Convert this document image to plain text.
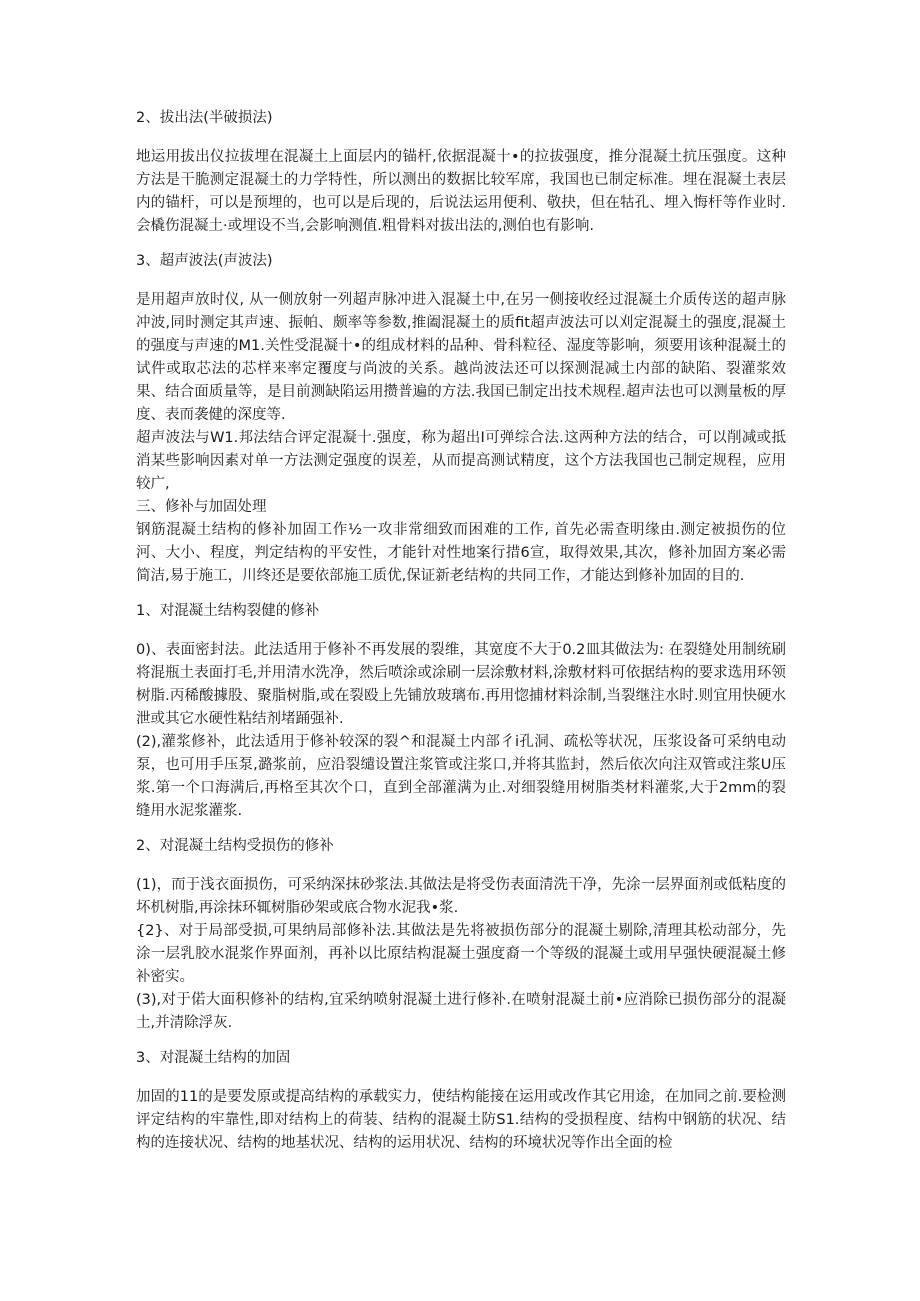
2、拔出法(半破损法)

地运用拔出仪拉拔埋在混凝土上面层内的锚杆,依据混凝十•的拉拔强度，推分混凝土抗压强度。这种方法是干脆测定混凝土的力学特性，所以测出的数据比较军席，我国也已制定标准。埋在混凝土表层内的锚杆，可以是预埋的，也可以是后现的，后说法运用便利、敬抉，但在牯孔、埋入悔杆等作业时.会橇伤混凝土·或埋设不当,会影响测值.粗骨料对拔出法的,测伯也有影响.

3、超声波法(声波法)

是用超声放时仪, 从一侧放射一列超声脉冲进入混凝土中,在另一侧接收经过混凝土介质传送的超声脉冲波,同时测定其声速、振帕、颇率等参数,推阖混凝土的质fit超声波法可以刈定混凝土的强度,混凝土的强度与声速的M1.关性受混凝十•的组成材料的品种、骨科粒径、湿度等影响，须要用该种混凝土的试件或取芯法的芯样来率定覆度与尚波的关系。越尚波法还可以探测混减土内部的缺陷、裂灌浆效果、结合面质量等，是目前测缺陷运用攒普遍的方法.我国已制定出技术规程.超声法也可以测量板的厚度、表而袭健的深度等.

超声波法与W1.邦法结合评定混凝十.强度，称为超出I可弹综合法.这两种方法的结合，可以削减或抵消某些影响因素对单一方法测定强度的误差，从而提高测试精度，这个方法我国也己制定规程，应用较广,

三、修补与加固处理

钢筋混凝土结构的修补加固工作½一攻非常细致而困难的工作, 首先必需查明缘由.测定被损伤的位河、大小、程度，判定结构的平安性，才能针对性地案行措6宣，取得效果,其次，修补加固方案必需简洁,易于施工，川终还是要依部施工质优,保证新老结构的共同工作，才能达到修补加固的目的.

1、对混凝土结构裂健的修补

0)、表面密封法。此法适用于修补不再发展的裂维，其宽度不大于0.2皿其做法为: 在裂缝处用制统刷将混瓶土表面打毛,并用清水洗净，然后喷涂或涂刷一层涂敷材料,涂敷材料可依据结构的要求选用环领树脂.丙稀酸據股、聚脂树脂,或在裂殴上先铺放玻璃布.再用惚捕材料涂制,当裂继注水时.则宜用快硬水泄或其它水硬性粘结剂堵踊强补.

(2),灌浆修补，此法适用于修补较深的裂^和混凝土内部彳i孔洞、疏松等状况，压浆设备可采纳电动泵，也可用手压泵,潞浆前，应沿裂缱设置注浆管或注浆口,并将其监封，然后依次向注双管或注浆U压浆.第一个口海满后,再格至其次个口，直到全部灌满为止.对细裂缝用树脂类材料灌浆,大于2mm的裂缝用水泥浆灌浆.

2、对混凝土结构受损伤的修补

(1)，而于浅衣面损伤，可采纳深抹砂浆法.其做法是将受伤表面清洗干净，先涂一层界面剂或低粘度的坏机树脂,再涂抹环辄树脂砂架或底合物水泥我•浆.

{2}、对于局部受损,可果纳局部修补法.其做法是先将被损伤部分的混凝土剔除,清理其松动部分，先涂一层乳胶水混浆作界面剂，再补以比原结构混凝土强度裔一个等级的混凝土或用早强快硬混凝土修补密实。

(3),对于偌大面积修补的结构,宜采纳喷射混凝土进行修补.在喷射混凝土前•应消除已损伤部分的混凝土,并清除浮灰.

3、对混凝土结构的加固

加固的11的是要发原或提高结构的承载实力，使结构能接在运用或改作其它用途，在加同之前.要检测评定结构的牢靠性,即对结构上的荷装、结构的混凝土防S1.结构的受损程度、结构中钢筋的状况、结构的连接状况、结构的地基状况、结构的运用状况、结构的环境状况等作出全面的检
